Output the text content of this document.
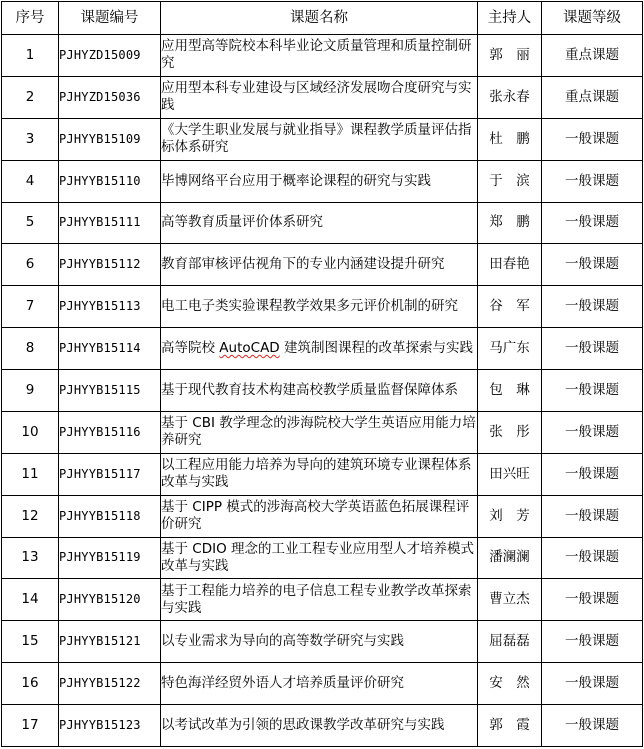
序号	课题编号	课题名称	主持人	课题等级
1	PJHYZD15009	应用型高等院校本科毕业论文质量管理和质量控制研究	郭　丽	重点课题
2	PJHYZD15036	应用型本科专业建设与区域经济发展吻合度研究与实践	张永春	重点课题
3	PJHYYB15109	《大学生职业发展与就业指导》课程教学质量评估指标体系研究	杜　鹏	一般课题
4	PJHYYB15110	毕博网络平台应用于概率论课程的研究与实践	于　滨	一般课题
5	PJHYYB15111	高等教育质量评价体系研究	郑　鹏	一般课题
6	PJHYYB15112	教育部审核评估视角下的专业内涵建设提升研究	田春艳	一般课题
7	PJHYYB15113	电工电子类实验课程教学效果多元评价机制的研究	谷　军	一般课题
8	PJHYYB15114	高等院校 AutoCAD 建筑制图课程的改革探索与实践	马广东	一般课题
9	PJHYYB15115	基于现代教育技术构建高校教学质量监督保障体系	包　琳	一般课题
10	PJHYYB15116	基于 CBI 教学理念的涉海院校大学生英语应用能力培养研究	张　彤	一般课题
11	PJHYYB15117	以工程应用能力培养为导向的建筑环境专业课程体系改革与实践	田兴旺	一般课题
12	PJHYYB15118	基于 CIPP 模式的涉海高校大学英语蓝色拓展课程评价研究	刘　芳	一般课题
13	PJHYYB15119	基于 CDIO 理念的工业工程专业应用型人才培养模式改革与实践	潘澜澜	一般课题
14	PJHYYB15120	基于工程能力培养的电子信息工程专业教学改革探索与实践	曹立杰	一般课题
15	PJHYYB15121	以专业需求为导向的高等数学研究与实践	屈磊磊	一般课题
16	PJHYYB15122	特色海洋经贸外语人才培养质量评价研究	安　然	一般课题
17	PJHYYB15123	以考试改革为引领的思政课教学改革研究与实践	郭　霞	一般课题
